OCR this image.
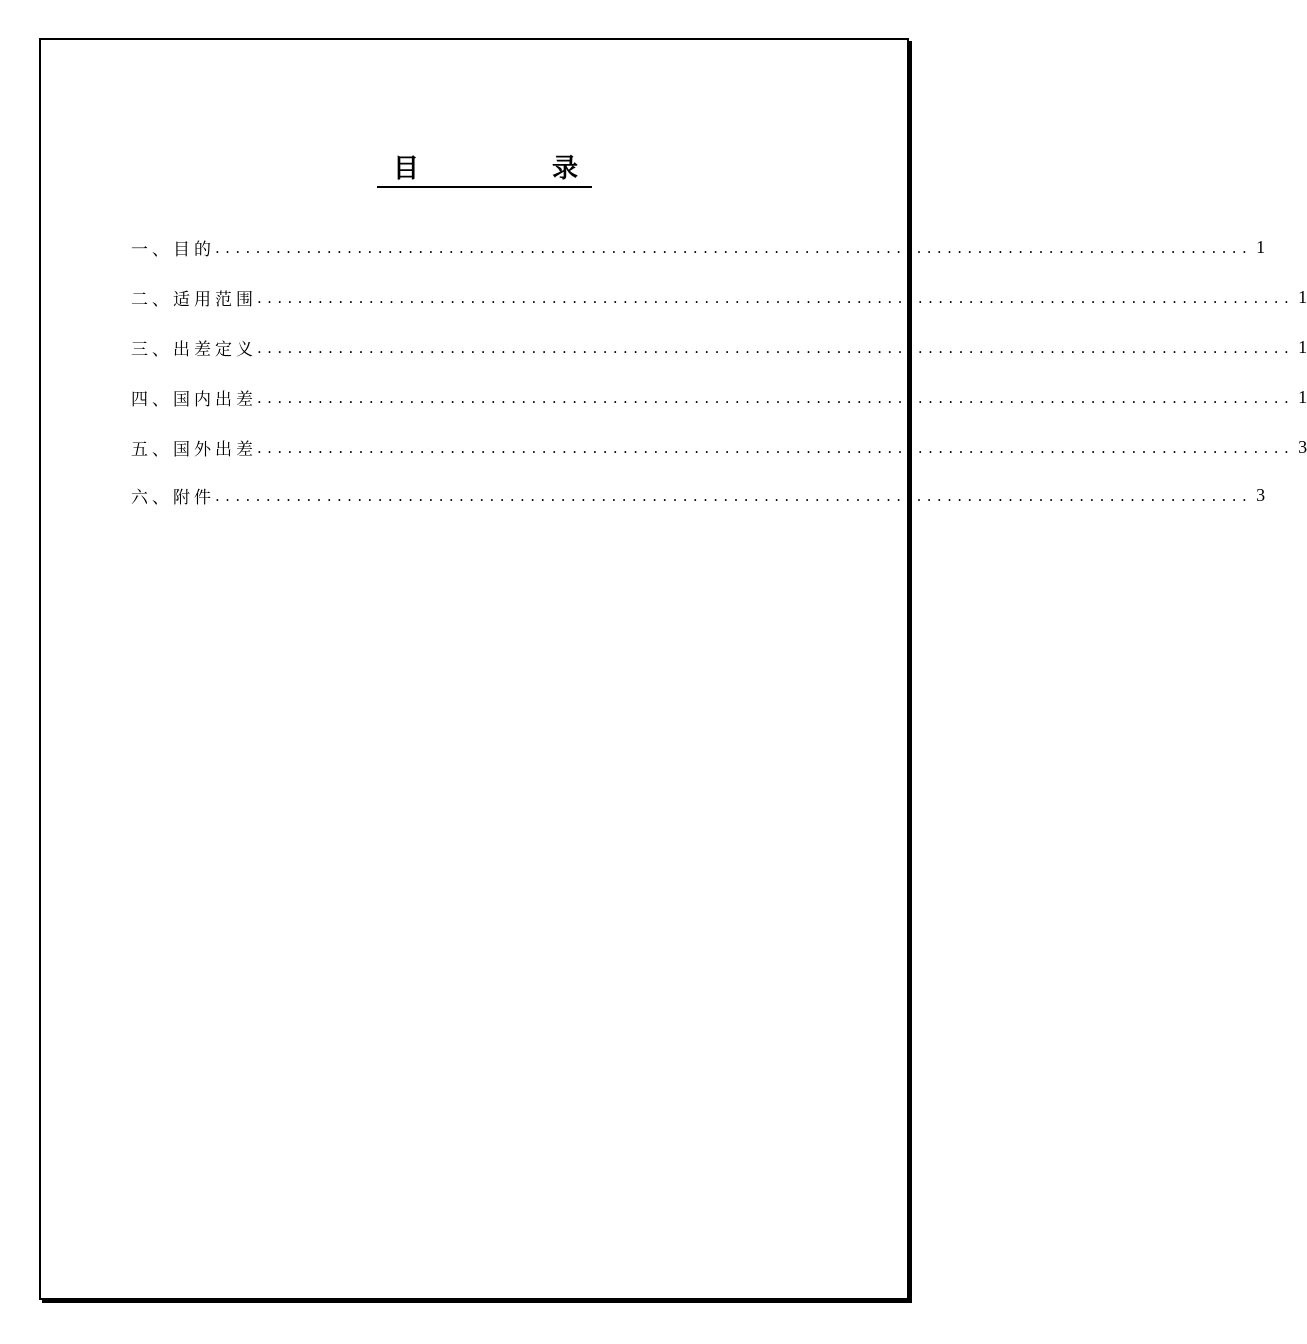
目	录
一、目的 ...................................................................................................... 1
二、适用范围 ...................................................................................................... 1
三、出差定义 ...................................................................................................... 1
四、国内出差 ...................................................................................................... 1
五、国外出差 ...................................................................................................... 3
六、附件 ...................................................................................................... 3
